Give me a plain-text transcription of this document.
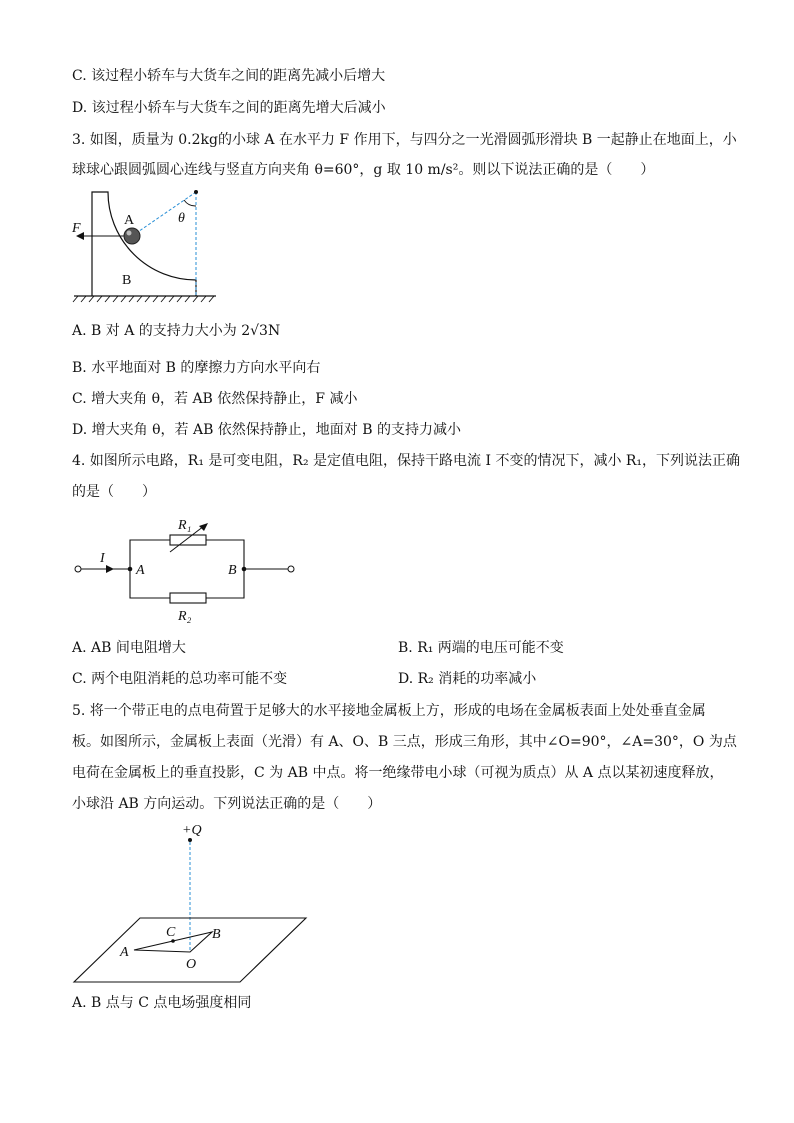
C. 该过程小轿车与大货车之间的距离先减小后增大
D. 该过程小轿车与大货车之间的距离先增大后减小
3. 如图，质量为 0.2kg的小球 A 在水平力 F 作用下，与四分之一光滑圆弧形滑块 B 一起静止在地面上，小
球球心跟圆弧圆心连线与竖直方向夹角 θ=60°，g 取 10 m/s²。则以下说法正确的是（　　）
F
A
B
θ
A. B 对 A 的支持力大小为 2√3N
B. 水平地面对 B 的摩擦力方向水平向右
C. 增大夹角 θ，若 AB 依然保持静止，F 减小
D. 增大夹角 θ，若 AB 依然保持静止，地面对 B 的支持力减小
4. 如图所示电路，R₁ 是可变电阻，R₂ 是定值电阻，保持干路电流 I 不变的情况下，减小 R₁，下列说法正确
的是（　　）
R₁
R₂
I
A	B
A. AB 间电阻增大	B. R₁ 两端的电压可能不变
C. 两个电阻消耗的总功率可能不变	D. R₂ 消耗的功率减小
5. 将一个带正电的点电荷置于足够大的水平接地金属板上方，形成的电场在金属板表面上处处垂直金属
板。如图所示，金属板上表面（光滑）有 A、O、B 三点，形成三角形，其中∠O=90°，∠A=30°，O 为点
电荷在金属板上的垂直投影，C 为 AB 中点。将一绝缘带电小球（可视为质点）从 A 点以某初速度释放，
小球沿 AB 方向运动。下列说法正确的是（　　）
+Q
C	B
A
O
A. B 点与 C 点电场强度相同
